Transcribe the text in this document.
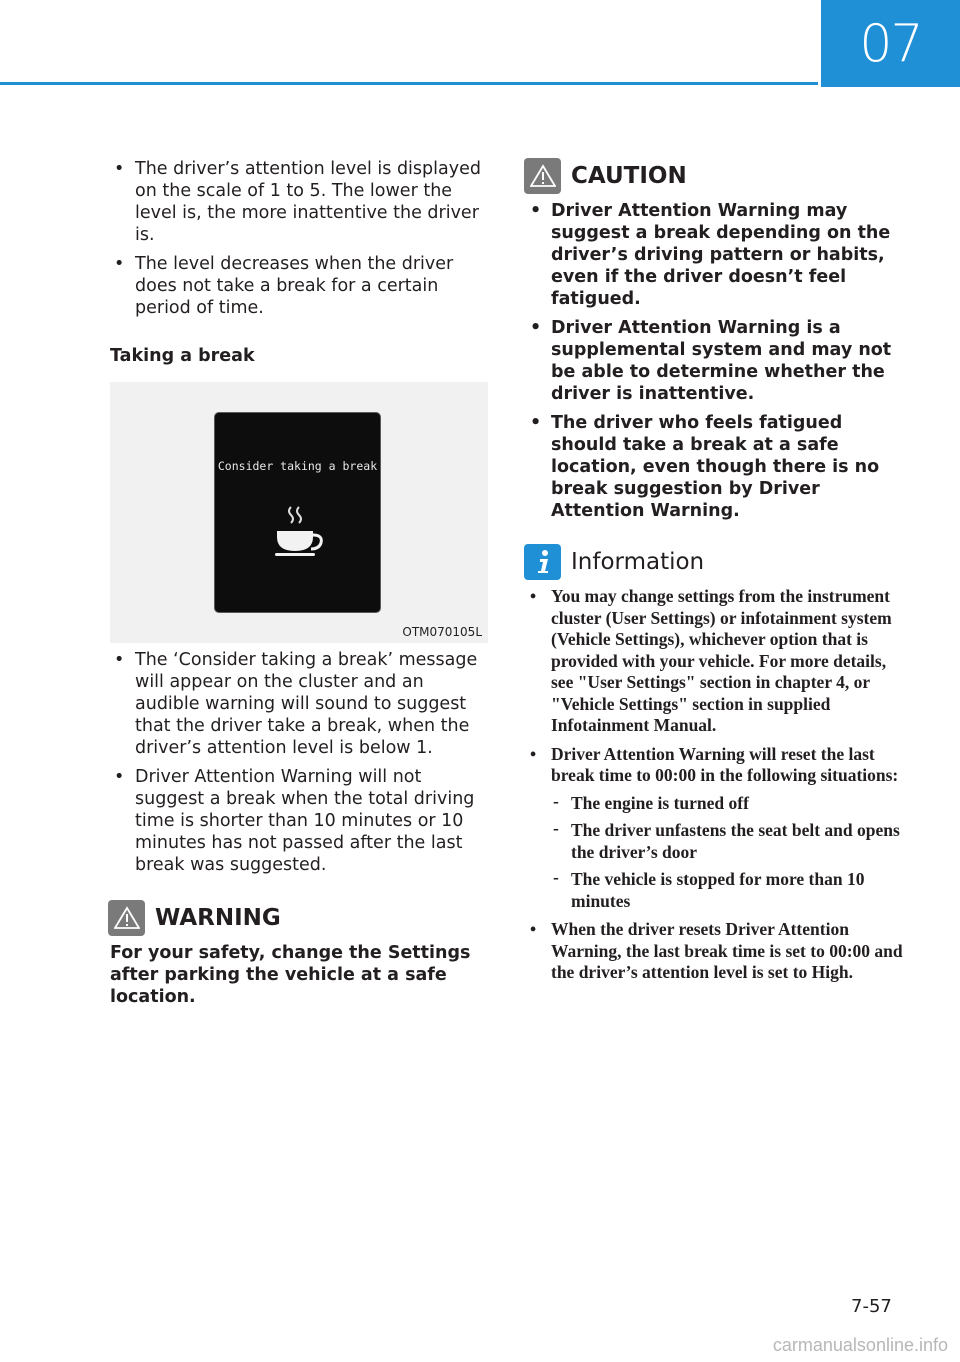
07
• The driver’s attention level is displayed on the scale of 1 to 5. The lower the level is, the more inattentive the driver is.
• The level decreases when the driver does not take a break for a certain period of time.
Taking a break
Consider taking a break
OTM070105L
• The ‘Consider taking a break’ message will appear on the cluster and an audible warning will sound to suggest that the driver take a break, when the driver’s attention level is below 1.
• Driver Attention Warning will not suggest a break when the total driving time is shorter than 10 minutes or 10 minutes has not passed after the last break was suggested.
WARNING

For your safety, change the Settings after parking the vehicle at a safe location.

CAUTION
• Driver Attention Warning may suggest a break depending on the driver’s driving pattern or habits, even if the driver doesn’t feel fatigued.
• Driver Attention Warning is a supplemental system and may not be able to determine whether the driver is inattentive.
• The driver who feels fatigued should take a break at a safe location, even though there is no break suggestion by Driver Attention Warning.
Information
• You may change settings from the instrument cluster (User Settings) or infotainment system (Vehicle Settings), whichever option that is provided with your vehicle. For more details, see "User Settings" section in chapter 4, or "Vehicle Settings" section in supplied Infotainment Manual.
• Driver Attention Warning will reset the last break time to 00:00 in the following situations:
- The engine is turned off
- The driver unfastens the seat belt and opens the driver’s door
- The vehicle is stopped for more than 10 minutes
• When the driver resets Driver Attention Warning, the last break time is set to 00:00 and the driver’s attention level is set to High.
7-57
carmanualsonline.info
